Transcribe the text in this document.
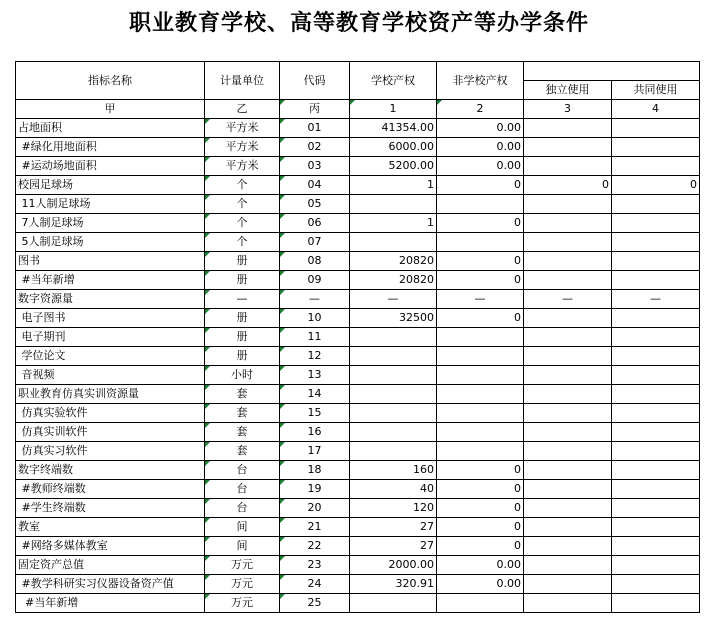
职业教育学校、高等教育学校资产等办学条件
指标名称	计量单位	代码	学校产权	非学校产权		
					独立使用	共同使用
甲	乙	丙	1	2	3	4
占地面积	平方米	01	41354.00	0.00		
#绿化用地面积	平方米	02	6000.00	0.00		
#运动场地面积	平方米	03	5200.00	0.00		
校园足球场	个	04	1	0	0	0
11人制足球场	个	05				
7人制足球场	个	06	1	0		
5人制足球场	个	07				
图书	册	08	20820	0		
#当年新增	册	09	20820	0		
数字资源量	—	—	—	—	—	—
电子图书	册	10	32500	0		
电子期刊	册	11				
学位论文	册	12				
音视频	小时	13				
职业教育仿真实训资源量	套	14				
仿真实验软件	套	15				
仿真实训软件	套	16				
仿真实习软件	套	17				
数字终端数	台	18	160	0		
#教师终端数	台	19	40	0		
#学生终端数	台	20	120	0		
教室	间	21	27	0		
#网络多媒体教室	间	22	27	0		
固定资产总值	万元	23	2000.00	0.00		
#教学科研实习仪器设备资产值	万元	24	320.91	0.00		
#当年新增	万元	25				
